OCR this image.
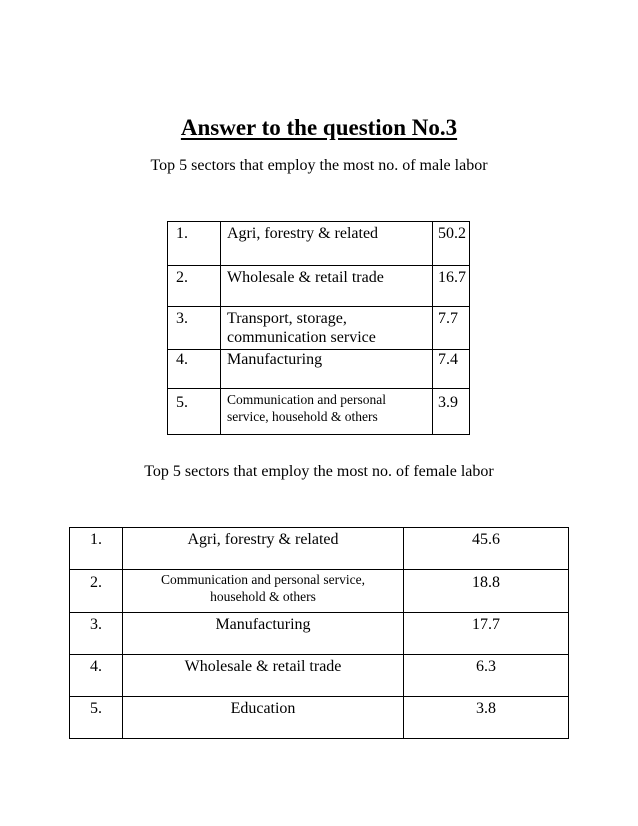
Answer to the question No.3

Top 5 sectors that employ the most no. of male labor

1.	Agri, forestry & related	50.2
2.	Wholesale & retail trade	16.7
3.	Transport, storage,
communication service	7.7
4.	Manufacturing	7.4
5.	Communication and personal
service, household & others	3.9

Top 5 sectors that employ the most no. of female labor

1.	Agri, forestry & related	45.6
2.	Communication and personal service,
household & others	18.8
3.	Manufacturing	17.7
4.	Wholesale & retail trade	6.3
5.	Education	3.8
